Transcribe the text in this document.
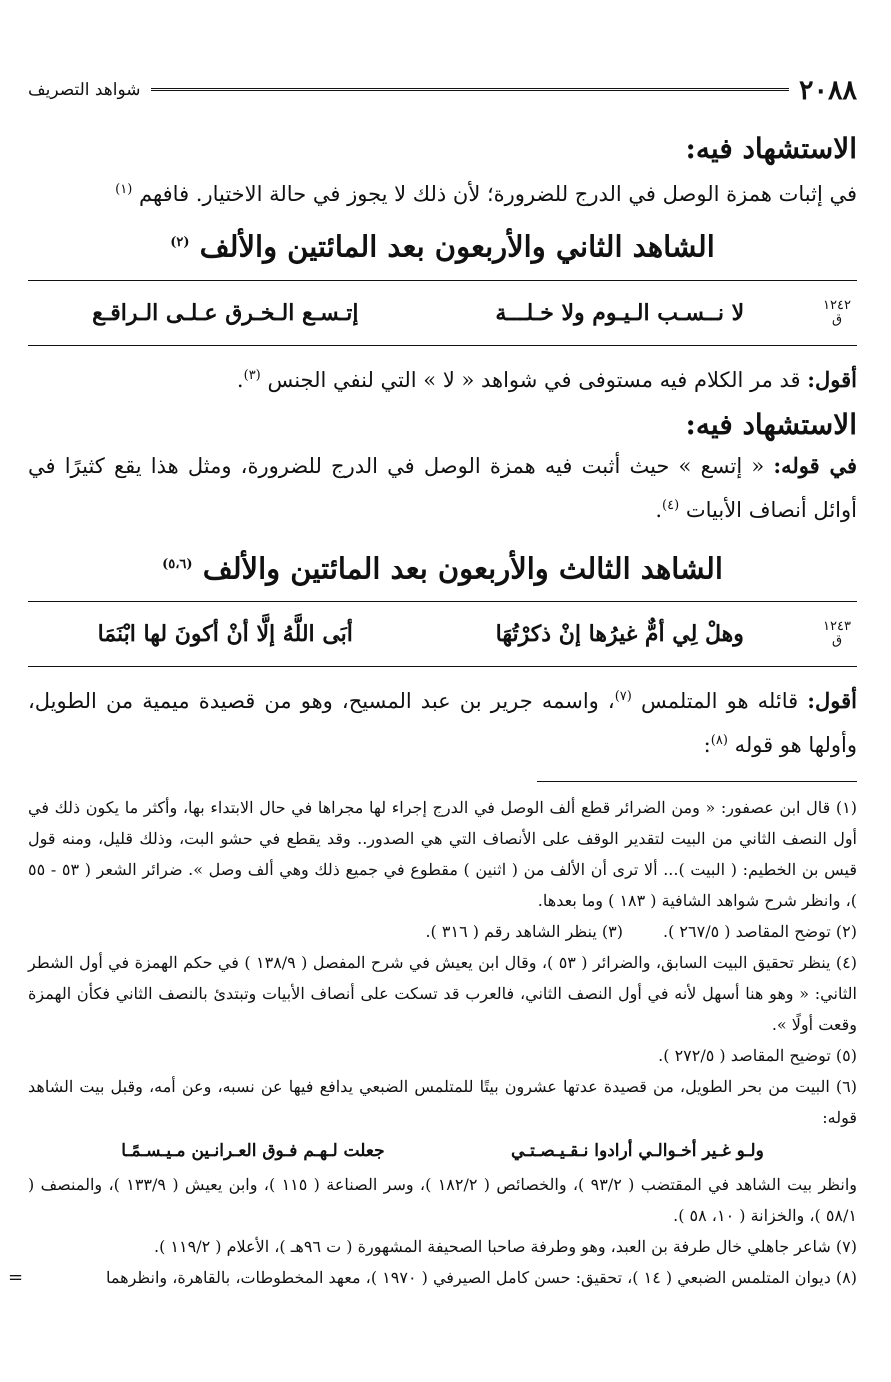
٢٠٨٨
شواهد التصريف
الاستشهاد فيه:

في إثبات همزة الوصل في الدرج للضرورة؛ لأن ذلك لا يجوز في حالة الاختيار. فافهم $^{(١)}$

الشاهد الثاني والأربعون بعد المائتين والألف $^{(٢)}$
١٢٤٢
ق
لا نــسـب الـيـوم ولا خـلـــة
إتـسـع الـخـرق عـلـى الـراقـع

أقول: قد مر الكلام فيه مستوفى في شواهد « لا » التي لنفي الجنس $^{(٣)}$.

الاستشهاد فيه:

في قوله: « إتسع » حيث أثبت فيه همزة الوصل في الدرج للضرورة، ومثل هذا يقع كثيرًا في أوائل أنصاف الأبيات $^{(٤)}$.

الشاهد الثالث والأربعون بعد المائتين والألف $^{(٥،٦)}$
١٢٤٣
ق
وهلْ لِي أمٌّ غيرُها إنْ ذكرْتُهَا
أبَى اللَّهُ إلَّا أنْ أكونَ لها ابْنَمَا

أقول: قائله هو المتلمس $^{(٧)}$، واسمه جرير بن عبد المسيح، وهو من قصيدة ميمية من الطويل، وأولها هو قوله $^{(٨)}$:

(١) قال ابن عصفور: « ومن الضرائر قطع ألف الوصل في الدرج إجراء لها مجراها في حال الابتداء بها، وأكثر ما يكون ذلك في أول النصف الثاني من البيت لتقدير الوقف على الأنصاف التي هي الصدور.. وقد يقطع في حشو البت، وذلك قليل، ومنه قول قيس بن الخطيم: ( البيت )... ألا ترى أن الألف من ( اثنين ) مقطوع في جميع ذلك وهي ألف وصل ». ضرائر الشعر ( ٥٣ - ٥٥ )، وانظر شرح شواهد الشافية ( ١٨٣ ) وما بعدها.

(٢) توضح المقاصد ( ٢٦٧/٥ ).
(٣) ينظر الشاهد رقم ( ٣١٦ ).

(٤) ينظر تحقيق البيت السابق، والضرائر ( ٥٣ )، وقال ابن يعيش في شرح المفصل ( ١٣٨/٩ ) في حكم الهمزة في أول الشطر الثاني: « وهو هنا أسهل لأنه في أول النصف الثاني، فالعرب قد تسكت على أنصاف الأبيات وتبتدئ بالنصف الثاني فكأن الهمزة وقعت أولًا ».

(٥) توضيح المقاصد ( ٢٧٢/٥ ).

(٦) البيت من بحر الطويل، من قصيدة عدتها عشرون بيتًا للمتلمس الضبعي يدافع فيها عن نسبه، وعن أمه، وقبل بيت الشاهد قوله:

ولـو غـير أخـوالـي أرادوا نـقـيـصـتـي
جعلت لـهـم فـوق العـرانـين مـيـسـمًـا

وانظر بيت الشاهد في المقتضب ( ٩٣/٢ )، والخصائص ( ١٨٢/٢ )، وسر الصناعة ( ١١٥ )، وابن يعيش ( ١٣٣/٩ )، والمنصف ( ٥٨/١ )، والخزانة ( ١٠، ٥٨ ).

(٧) شاعر جاهلي خال طرفة بن العبد، وهو وطرفة صاحبا الصحيفة المشهورة ( ت ٩٦هـ )، الأعلام ( ١١٩/٢ ).

(٨) ديوان المتلمس الضبعي ( ١٤ )، تحقيق: حسن كامل الصيرفي ( ١٩٧٠ )، معهد المخطوطات، بالقاهرة، وانظرهما
=
